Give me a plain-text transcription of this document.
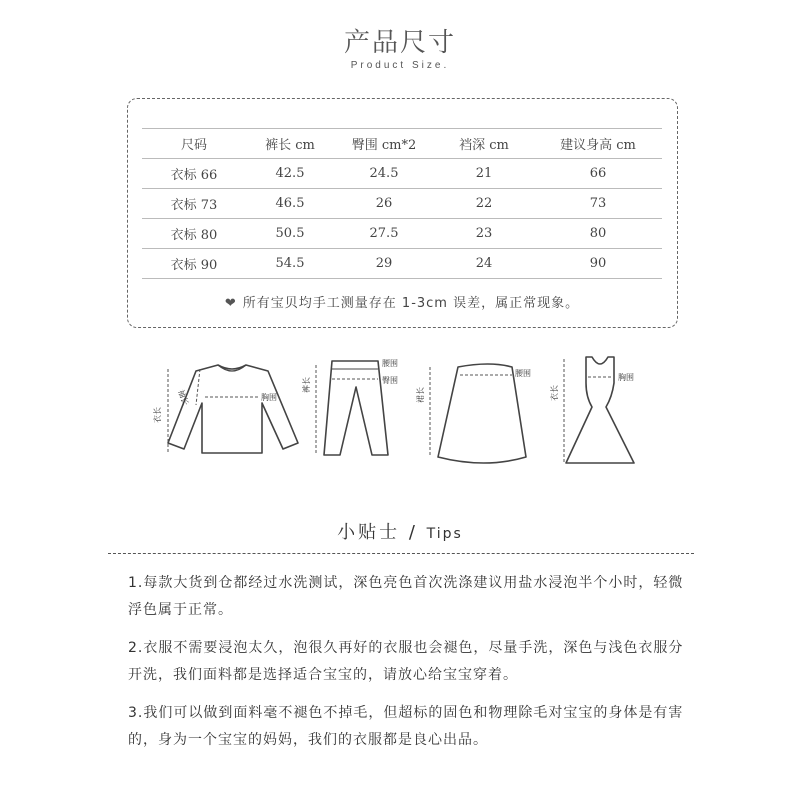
产品尺寸
Product Size.
尺码	裤长 cm	臀围 cm*2	裆深 cm	建议身高 cm
衣标 66	42.5	24.5	21	66
衣标 73	46.5	26	22	73
衣标 80	50.5	27.5	23	80
衣标 90	54.5	29	24	90
❤ 所有宝贝均手工测量存在 1-3cm 误差，属正常现象。
袖长
衣长
胸围
腰围
臀围
裤长
腰围
裙长
胸围
衣长
小贴士 / Tips

1.每款大货到仓都经过水洗测试，深色亮色首次洗涤建议用盐水浸泡半个小时，轻微浮色属于正常。

2.衣服不需要浸泡太久，泡很久再好的衣服也会褪色，尽量手洗，深色与浅色衣服分开洗，我们面料都是选择适合宝宝的，请放心给宝宝穿着。

3.我们可以做到面料毫不褪色不掉毛，但超标的固色和物理除毛对宝宝的身体是有害的，身为一个宝宝的妈妈，我们的衣服都是良心出品。
